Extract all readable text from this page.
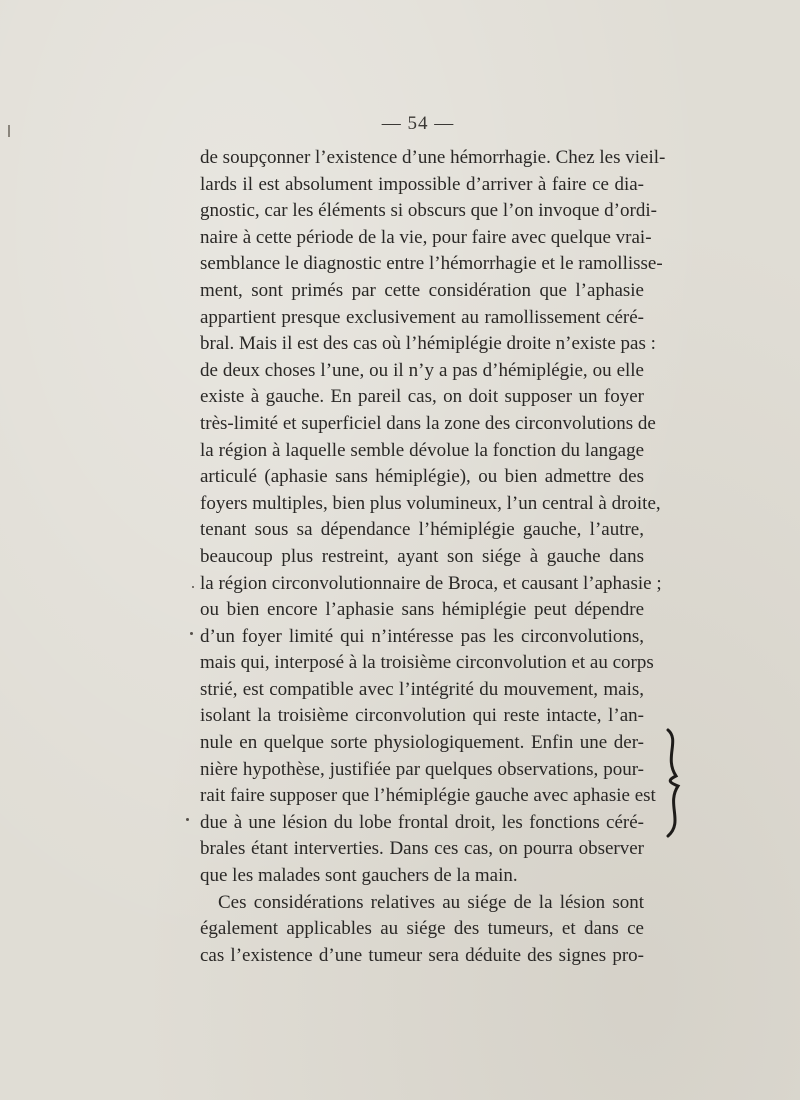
— 54 —
de soupçonner l’existence d’une hémorrhagie. Chez les vieil-
lards il est absolument impossible d’arriver à faire ce dia-
gnostic, car les éléments si obscurs que l’on invoque d’ordi-
naire à cette période de la vie, pour faire avec quelque vrai-
semblance le diagnostic entre l’hémorrhagie et le ramollisse-
ment, sont primés par cette considération que l’aphasie
appartient presque exclusivement au ramollissement céré-
bral. Mais il est des cas où l’hémiplégie droite n’existe pas :
de deux choses l’une, ou il n’y a pas d’hémiplégie, ou elle
existe à gauche. En pareil cas, on doit supposer un foyer
très-limité et superficiel dans la zone des circonvolutions de
la région à laquelle semble dévolue la fonction du langage
articulé (aphasie sans hémiplégie), ou bien admettre des
foyers multiples, bien plus volumineux, l’un central à droite,
tenant sous sa dépendance l’hémiplégie gauche, l’autre,
beaucoup plus restreint, ayant son siége à gauche dans
la région circonvolutionnaire de Broca, et causant l’aphasie ;
ou bien encore l’aphasie sans hémiplégie peut dépendre
d’un foyer limité qui n’intéresse pas les circonvolutions,
mais qui, interposé à la troisième circonvolution et au corps
strié, est compatible avec l’intégrité du mouvement, mais,
isolant la troisième circonvolution qui reste intacte, l’an-
nule en quelque sorte physiologiquement. Enfin une der-
nière hypothèse, justifiée par quelques observations, pour-
rait faire supposer que l’hémiplégie gauche avec aphasie est
due à une lésion du lobe frontal droit, les fonctions céré-
brales étant interverties. Dans ces cas, on pourra observer
que les malades sont gauchers de la main.
Ces considérations relatives au siége de la lésion sont
également applicables au siége des tumeurs, et dans ce
cas l’existence d’une tumeur sera déduite des signes pro-
